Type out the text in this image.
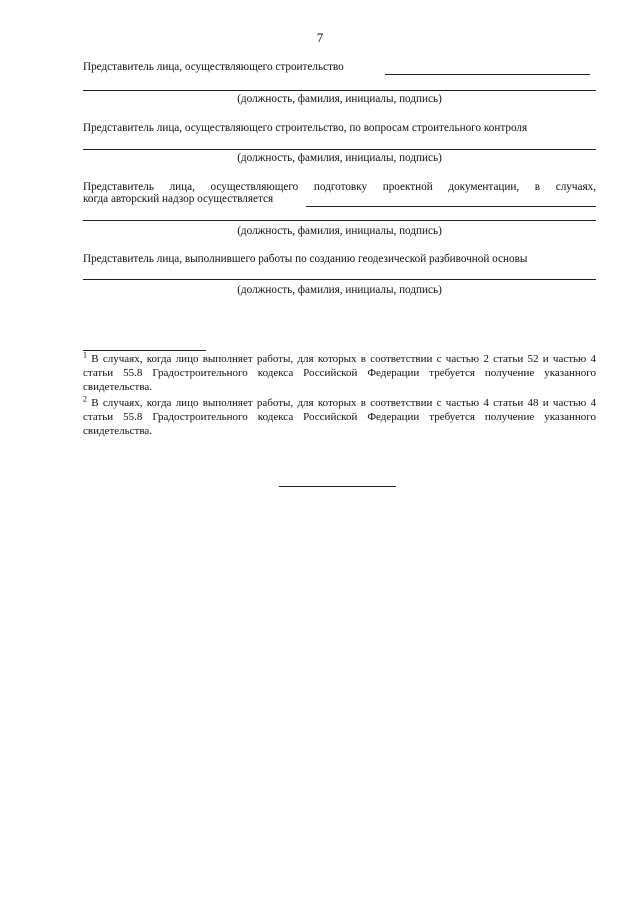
7
Представитель лица, осуществляющего строительство
(должность, фамилия, инициалы, подпись)
Представитель лица, осуществляющего строительство, по вопросам строительного контроля
(должность, фамилия, инициалы, подпись)
Представитель лица, осуществляющего подготовку проектной документации, в случаях,
когда авторский надзор осуществляется
(должность, фамилия, инициалы, подпись)
Представитель лица, выполнившего работы по созданию геодезической разбивочной основы
(должность, фамилия, инициалы, подпись)
$^1$ В случаях, когда лицо выполняет работы, для которых в соответствии с частью 2 статьи 52 и частью 4 статьи 55.8 Градостроительного кодекса Российской Федерации требуется получение указанного свидетельства.
$^2$ В случаях, когда лицо выполняет работы, для которых в соответствии с частью 4 статьи 48 и частью 4 статьи 55.8 Градостроительного кодекса Российской Федерации требуется получение указанного свидетельства.
